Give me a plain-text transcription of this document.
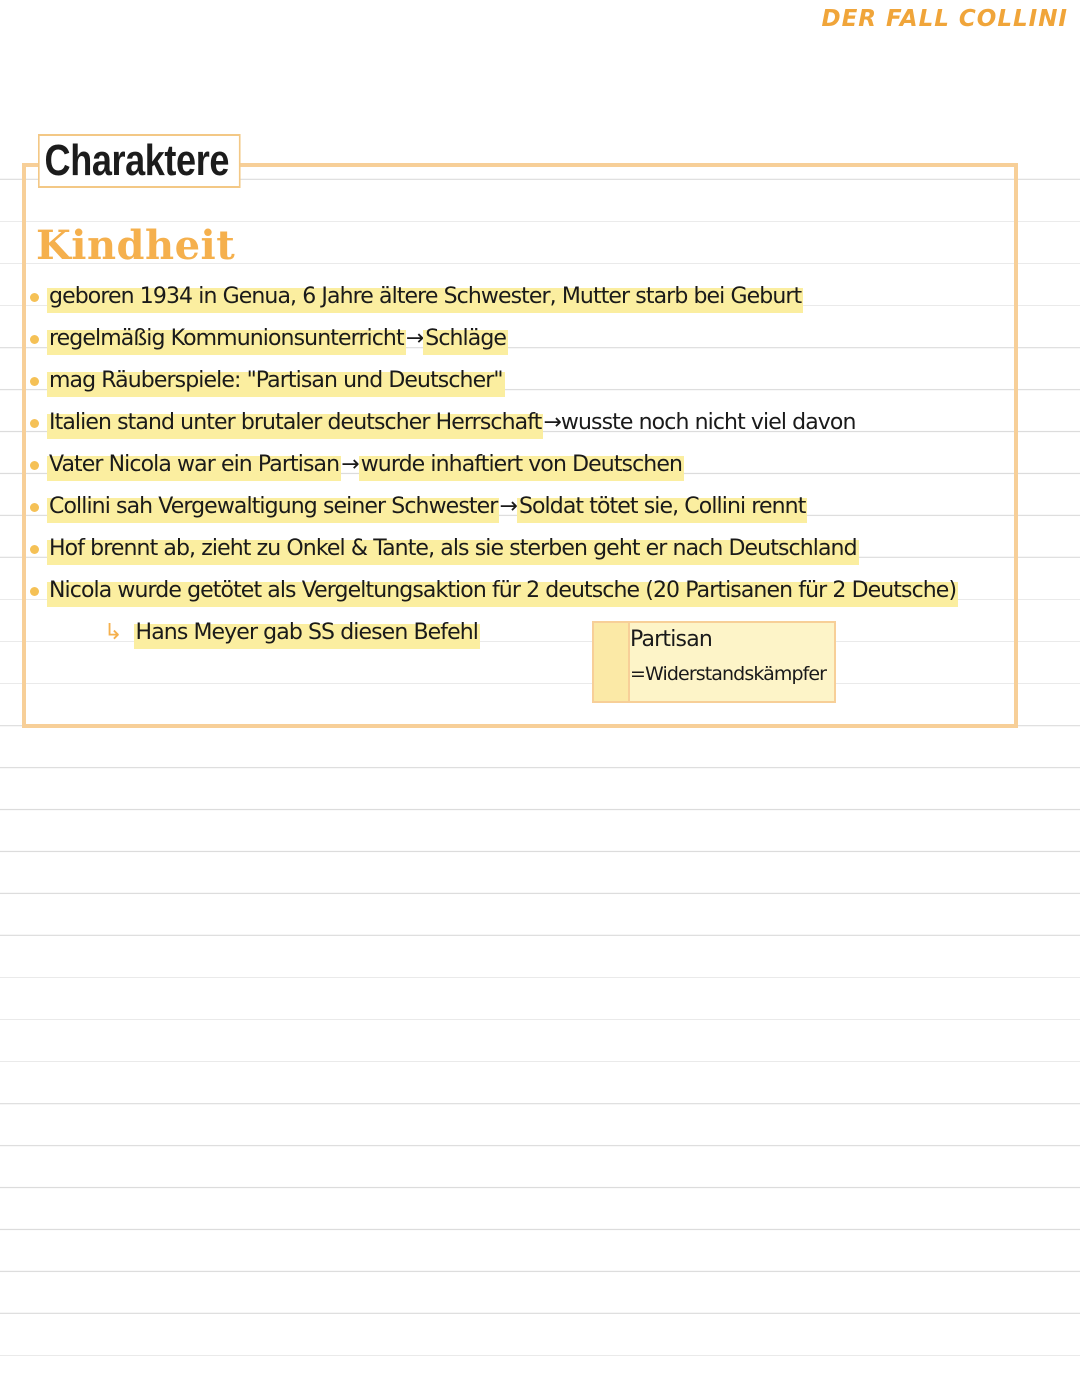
DER FALL COLLINI
Charaktere
Kindheit
geboren 1934 in Genua, 6 Jahre ältere Schwester, Mutter starb bei Geburt
regelmäßig Kommunionsunterricht → Schläge
mag Räuberspiele: "Partisan und Deutscher"
Italien stand unter brutaler deutscher Herrschaft →wusste noch nicht viel davon
Vater Nicola war ein Partisan → wurde inhaftiert von Deutschen
Collini sah Vergewaltigung seiner Schwester → Soldat tötet sie, Collini rennt
Hof brennt ab, zieht zu Onkel & Tante, als sie sterben geht er nach Deutschland
Nicola wurde getötet als Vergeltungsaktion für 2 deutsche (20 Partisanen für 2 Deutsche)
↳ Hans Meyer gab SS diesen Befehl	Partisan
=Widerstandskämpfer
